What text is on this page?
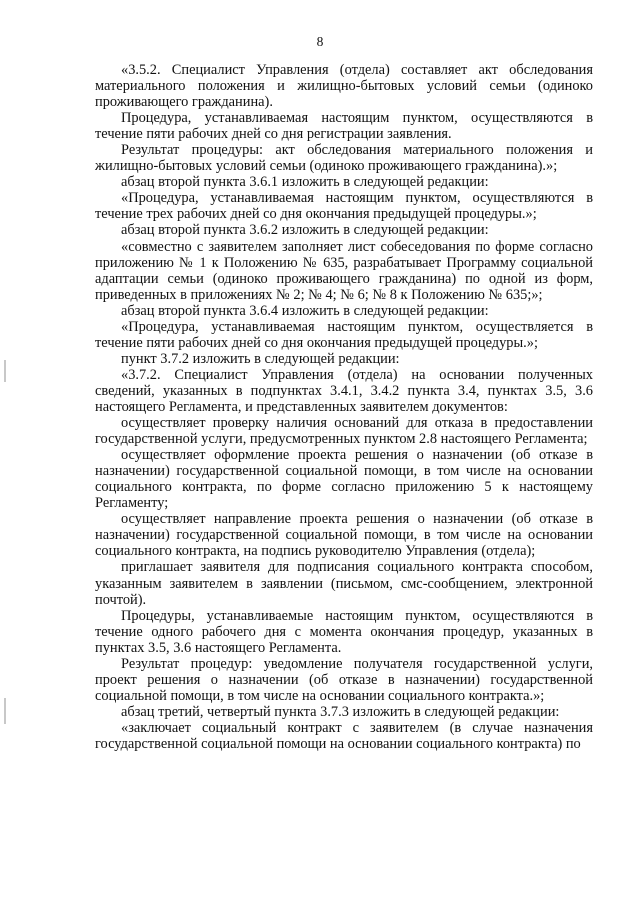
8

«3.5.2. Специалист Управления (отдела) составляет акт обследования материального положения и жилищно-бытовых условий семьи (одиноко проживающего гражданина).

Процедура, устанавливаемая настоящим пунктом, осуществляются в течение пяти рабочих дней со дня регистрации заявления.

Результат процедуры: акт обследования материального положения и жилищно-бытовых условий семьи (одиноко проживающего гражданина).»;

абзац второй пункта 3.6.1 изложить в следующей редакции:

«Процедура, устанавливаемая настоящим пунктом, осуществляются в течение трех рабочих дней со дня окончания предыдущей процедуры.»;

абзац второй пункта 3.6.2 изложить в следующей редакции:

«совместно с заявителем заполняет лист собеседования по форме согласно приложению № 1 к Положению № 635, разрабатывает Программу социальной адаптации семьи (одиноко проживающего гражданина) по одной из форм, приведенных в приложениях № 2; № 4; № 6; № 8 к Положению № 635;»;

абзац второй пункта 3.6.4 изложить в следующей редакции:

«Процедура, устанавливаемая настоящим пунктом, осуществляется в течение пяти рабочих дней со дня окончания предыдущей процедуры.»;

пункт 3.7.2 изложить в следующей редакции:

«3.7.2. Специалист Управления (отдела) на основании полученных сведений, указанных в подпунктах 3.4.1, 3.4.2 пункта 3.4, пунктах 3.5, 3.6 настоящего Регламента, и представленных заявителем документов:

осуществляет проверку наличия оснований для отказа в предоставлении государственной услуги, предусмотренных пунктом 2.8 настоящего Регламента;

осуществляет оформление проекта решения о назначении (об отказе в назначении) государственной социальной помощи, в том числе на основании социального контракта, по форме согласно приложению 5 к настоящему Регламенту;

осуществляет направление проекта решения о назначении (об отказе в назначении) государственной социальной помощи, в том числе на основании социального контракта, на подпись руководителю Управления (отдела);

приглашает заявителя для подписания социального контракта способом, указанным заявителем в заявлении (письмом, смс-сообщением, электронной почтой).

Процедуры, устанавливаемые настоящим пунктом, осуществляются в течение одного рабочего дня с момента окончания процедур, указанных в пунктах 3.5, 3.6 настоящего Регламента.

Результат процедур: уведомление получателя государственной услуги, проект решения о назначении (об отказе в назначении) государственной социальной помощи, в том числе на основании социального контракта.»;

абзац третий, четвертый пункта 3.7.3 изложить в следующей редакции:

«заключает социальный контракт с заявителем (в случае назначения государственной социальной помощи на основании социального контракта) по
